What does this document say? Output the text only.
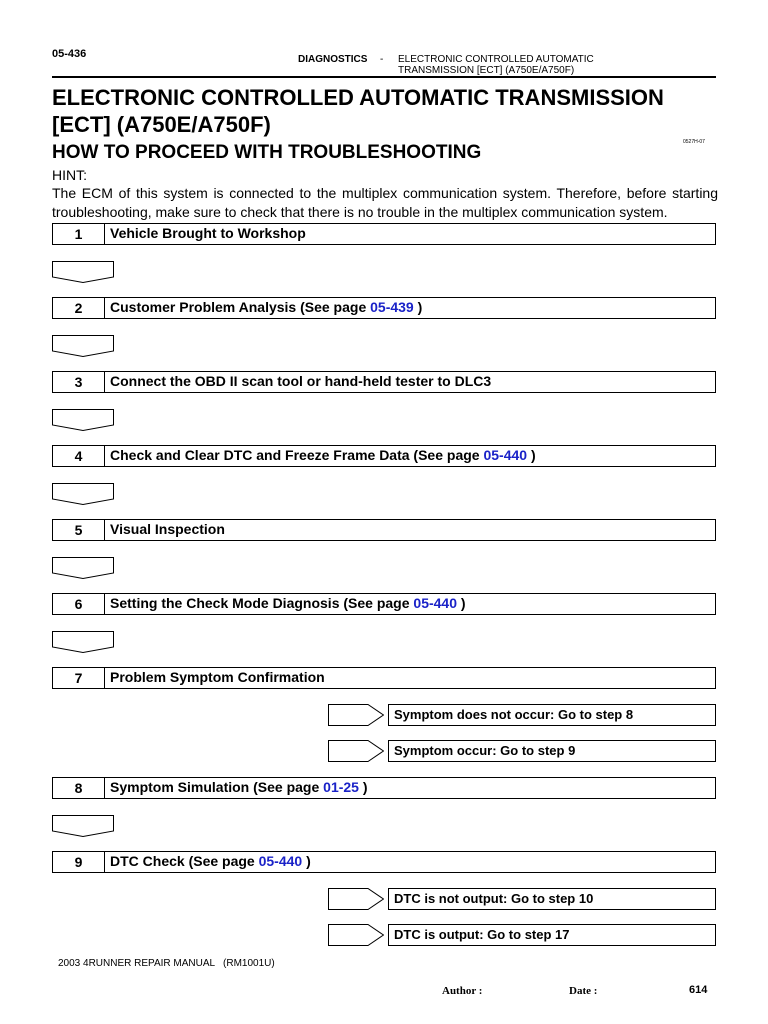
05-436	DIAGNOSTICS - ELECTRONIC CONTROLLED AUTOMATIC
TRANSMISSION [ECT] (A750E/A750F)
ELECTRONIC CONTROLLED AUTOMATIC TRANSMISSION [ECT] (A750E/A750F)
0527H-07
HOW TO PROCEED WITH TROUBLESHOOTING
HINT:
The ECM of this system is connected to the multiplex communication system. Therefore, before starting troubleshooting, make sure to check that there is no trouble in the multiplex communication system.
1	Vehicle Brought to Workshop
2	Customer Problem Analysis (See page 05-439 )
3	Connect the OBD II scan tool or hand-held tester to DLC3
4	Check and Clear DTC and Freeze Frame Data (See page 05-440 )
5	Visual Inspection
6	Setting the Check Mode Diagnosis (See page 05-440 )
7	Problem Symptom Confirmation
Symptom does not occur: Go to step 8
Symptom occur: Go to step 9
8	Symptom Simulation (See page 01-25 )
9	DTC Check (See page 05-440 )
DTC is not output: Go to step 10
DTC is output: Go to step 17
2003 4RUNNER REPAIR MANUAL   (RM1001U)
Author :	Date :	614
